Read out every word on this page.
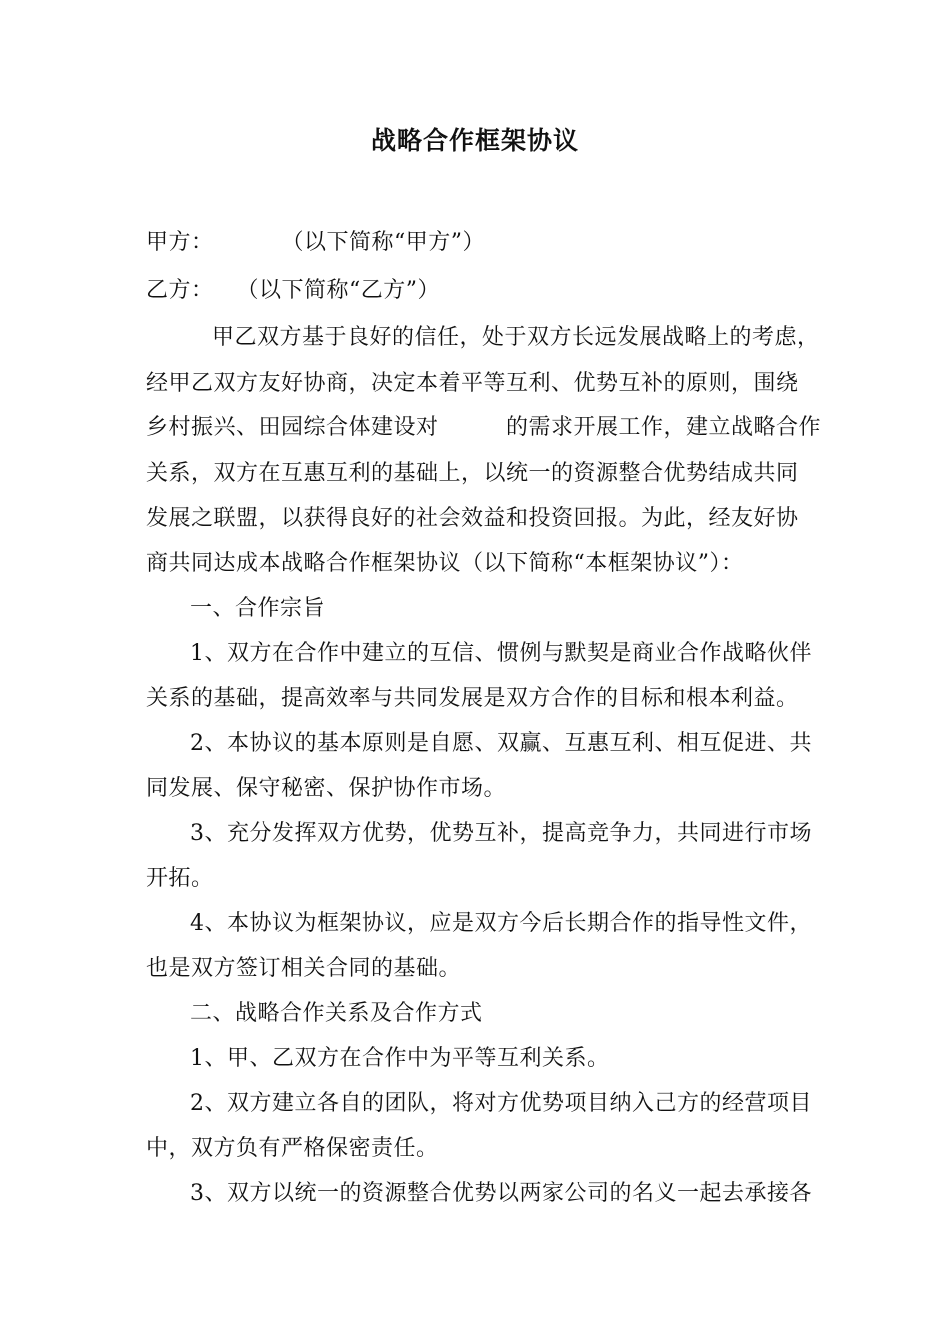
战略合作框架协议
甲方：　　　　（以下简称“甲方”）
乙方：　　（以下简称“乙方”）
甲乙双方基于良好的信任，处于双方长远发展战略上的考虑，
经甲乙双方友好协商，决定本着平等互利、优势互补的原则，围绕
乡村振兴、田园综合体建设对　　　的需求开展工作，建立战略合作
关系，双方在互惠互利的基础上，以统一的资源整合优势结成共同
发展之联盟，以获得良好的社会效益和投资回报。为此，经友好协
商共同达成本战略合作框架协议（以下简称“本框架协议”）：
一、合作宗旨
1、双方在合作中建立的互信、惯例与默契是商业合作战略伙伴
关系的基础，提高效率与共同发展是双方合作的目标和根本利益。
2、本协议的基本原则是自愿、双赢、互惠互利、相互促进、共
同发展、保守秘密、保护协作市场。
3、充分发挥双方优势，优势互补，提高竞争力，共同进行市场
开拓。
4、本协议为框架协议，应是双方今后长期合作的指导性文件，
也是双方签订相关合同的基础。
二、战略合作关系及合作方式
1、甲、乙双方在合作中为平等互利关系。
2、双方建立各自的团队，将对方优势项目纳入己方的经营项目
中，双方负有严格保密责任。
3、双方以统一的资源整合优势以两家公司的名义一起去承接各
